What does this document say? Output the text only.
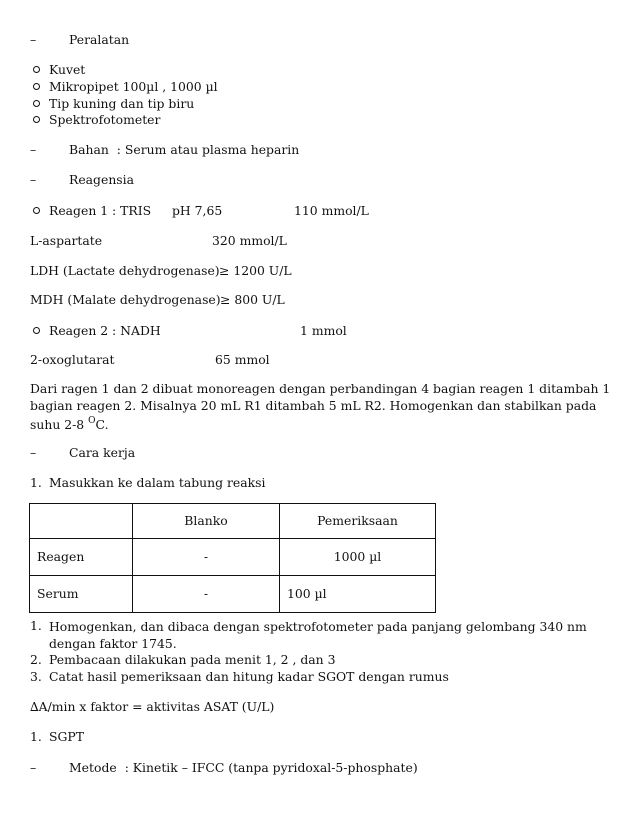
–	Peralatan
Kuvet
Mikropipet 100µl , 1000 µl
Tip kuning dan tip biru
Spektrofotometer
–	Bahan : Serum atau plasma heparin
–	Reagensia
Reagen 1 : TRIS pH 7,65	110 mmol/L
L-aspartate	320 mmol/L
LDH (Lactate dehydrogenase) ≥ 1200 U/L
MDH (Malate dehydrogenase) ≥ 800 U/L
Reagen 2 : NADH	1 mmol
2-oxoglutarat	65 mmol
Dari ragen 1 dan 2 dibuat monoreagen dengan perbandingan 4 bagian reagen 1 ditambah 1 bagian reagen 2. Misalnya 20 mL R1 ditambah 5 mL R2. Homogenkan dan stabilkan pada suhu 2-8 $^O$C.
–	Cara kerja
1. Masukkan ke dalam tabung reaksi
	Blanko	Pemeriksaan
Reagen	-	1000 µl
Serum	-	100 µl
1. Homogenkan, dan dibaca dengan spektrofotometer pada panjang gelombang 340 nm dengan faktor 1745.
2. Pembacaan dilakukan pada menit 1, 2 , dan 3
3. Catat hasil pemeriksaan dan hitung kadar SGOT dengan rumus
∆A/min x faktor = aktivitas ASAT (U/L)
1. SGPT
–	Metode : Kinetik – IFCC (tanpa pyridoxal-5-phosphate)
